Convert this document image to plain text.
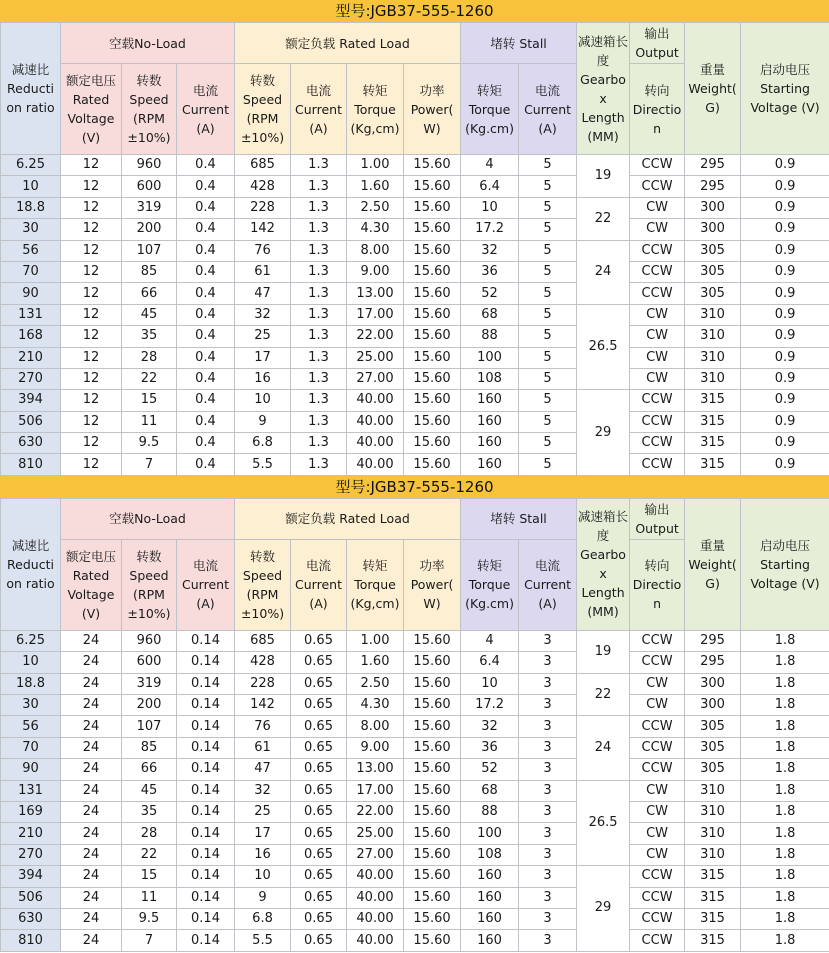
型号:JGB37-555-1260
减速比Reducti on ratio	空载No-Load			额定负载 Rated Load				堵转 Stall		减速箱长度Gearbo x Length (MM)	输出 Output	重量 Weight( G)	启动电压 Starting Voltage (V)
	额定电压Rated Voltage (V)	转数 Speed (RPM ±10%)	电流 Current (A)	转数 Speed (RPM ±10%)	电流 Current (A)	转矩 Torque (Kg,cm)	功率 Power( W)	转矩 Torque (Kg.cm)	电流 Current (A)		转向 Directio n		
6.25	12	960	0.4	685	1.3	1.00	15.60	4	5	19	CCW	295	0.9
10	12	600	0.4	428	1.3	1.60	15.60	6.4	5		CCW	295	0.9
18.8	12	319	0.4	228	1.3	2.50	15.60	10	5	22	CW	300	0.9
30	12	200	0.4	142	1.3	4.30	15.60	17.2	5		CW	300	0.9
56	12	107	0.4	76	1.3	8.00	15.60	32	5	24	CCW	305	0.9
70	12	85	0.4	61	1.3	9.00	15.60	36	5		CCW	305	0.9
90	12	66	0.4	47	1.3	13.00	15.60	52	5		CCW	305	0.9
131	12	45	0.4	32	1.3	17.00	15.60	68	5	26.5	CW	310	0.9
168	12	35	0.4	25	1.3	22.00	15.60	88	5		CW	310	0.9
210	12	28	0.4	17	1.3	25.00	15.60	100	5		CW	310	0.9
270	12	22	0.4	16	1.3	27.00	15.60	108	5		CW	310	0.9
394	12	15	0.4	10	1.3	40.00	15.60	160	5	29	CCW	315	0.9
506	12	11	0.4	9	1.3	40.00	15.60	160	5		CCW	315	0.9
630	12	9.5	0.4	6.8	1.3	40.00	15.60	160	5		CCW	315	0.9
810	12	7	0.4	5.5	1.3	40.00	15.60	160	5		CCW	315	0.9
型号:JGB37-555-1260
减速比Reducti on ratio	空载No-Load			额定负载 Rated Load				堵转 Stall		减速箱长度Gearbo x Length (MM)	输出 Output	重量 Weight( G)	启动电压 Starting Voltage (V)
	额定电压Rated Voltage (V)	转数 Speed (RPM ±10%)	电流 Current (A)	转数 Speed (RPM ±10%)	电流 Current (A)	转矩 Torque (Kg,cm)	功率 Power( W)	转矩 Torque (Kg.cm)	电流 Current (A)		转向 Directio n		
6.25	24	960	0.14	685	0.65	1.00	15.60	4	3	19	CCW	295	1.8
10	24	600	0.14	428	0.65	1.60	15.60	6.4	3		CCW	295	1.8
18.8	24	319	0.14	228	0.65	2.50	15.60	10	3	22	CW	300	1.8
30	24	200	0.14	142	0.65	4.30	15.60	17.2	3		CW	300	1.8
56	24	107	0.14	76	0.65	8.00	15.60	32	3	24	CCW	305	1.8
70	24	85	0.14	61	0.65	9.00	15.60	36	3		CCW	305	1.8
90	24	66	0.14	47	0.65	13.00	15.60	52	3		CCW	305	1.8
131	24	45	0.14	32	0.65	17.00	15.60	68	3	26.5	CW	310	1.8
169	24	35	0.14	25	0.65	22.00	15.60	88	3		CW	310	1.8
210	24	28	0.14	17	0.65	25.00	15.60	100	3		CW	310	1.8
270	24	22	0.14	16	0.65	27.00	15.60	108	3		CW	310	1.8
394	24	15	0.14	10	0.65	40.00	15.60	160	3	29	CCW	315	1.8
506	24	11	0.14	9	0.65	40.00	15.60	160	3		CCW	315	1.8
630	24	9.5	0.14	6.8	0.65	40.00	15.60	160	3		CCW	315	1.8
810	24	7	0.14	5.5	0.65	40.00	15.60	160	3		CCW	315	1.8
